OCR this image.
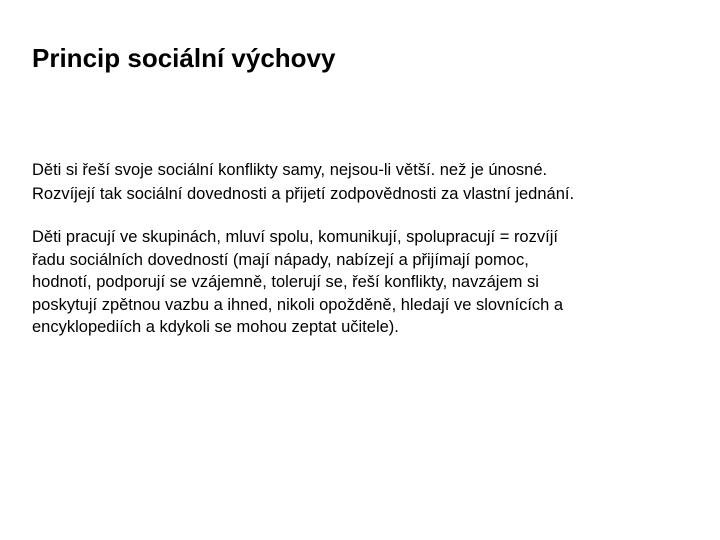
Princip sociální výchovy

Děti si řeší svoje sociální konflikty samy, nejsou-li větší. než je únosné.
Rozvíjejí tak sociální dovednosti a přijetí zodpovědnosti za vlastní jednání.

Děti pracují ve skupinách, mluví spolu, komunikují, spolupracují = rozvíjí
řadu sociálních dovedností (mají nápady, nabízejí a přijímají pomoc,
hodnotí, podporují se vzájemně, tolerují se, řeší konflikty, navzájem si
poskytují zpětnou vazbu a ihned, nikoli opožděně, hledají ve slovnících a
encyklopediích a kdykoli se mohou zeptat učitele).
